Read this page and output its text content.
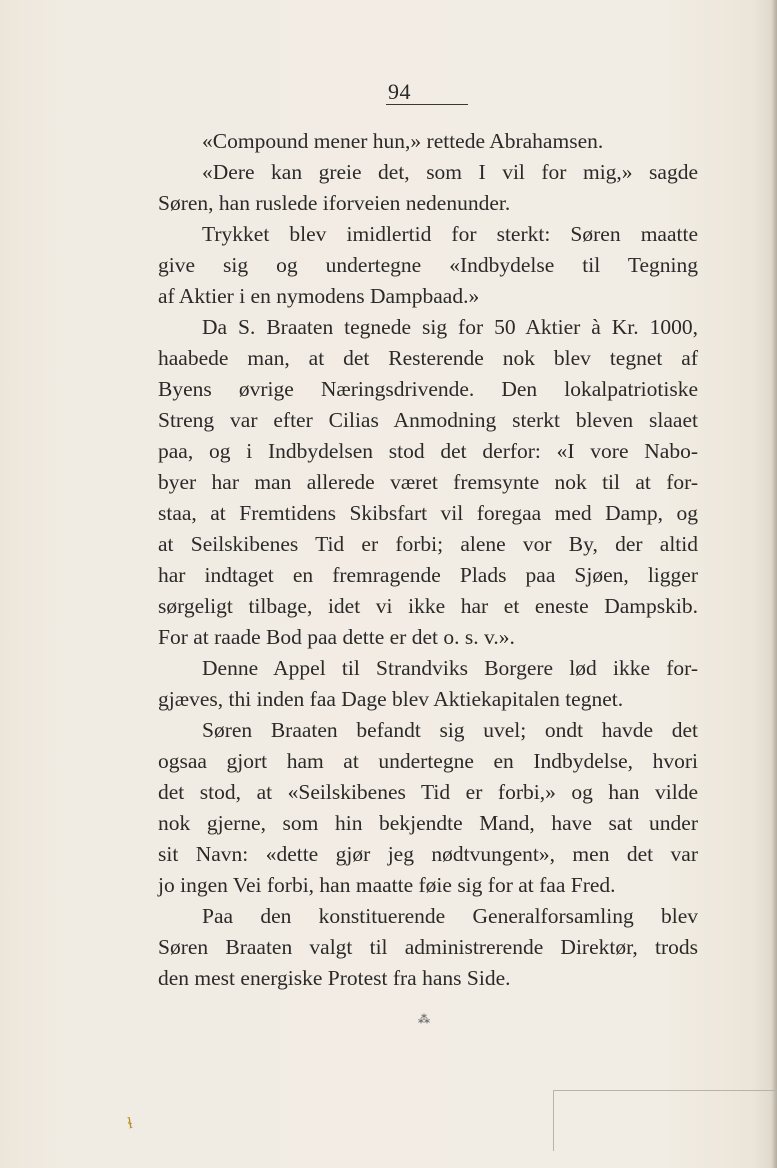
94
«Compound mener hun,» rettede Abrahamsen.
«Dere kan greie det, som I vil for mig,» sagde
Søren, han ruslede iforveien nedenunder.
Trykket blev imidlertid for sterkt: Søren maatte
give sig og undertegne «Indbydelse til Tegning
af Aktier i en nymodens Dampbaad.»
Da S. Braaten tegnede sig for 50 Aktier à Kr. 1000,
haabede man, at det Resterende nok blev tegnet af
Byens øvrige Næringsdrivende. Den lokalpatriotiske
Streng var efter Cilias Anmodning sterkt bleven slaaet
paa, og i Indbydelsen stod det derfor: «I vore Nabo-
byer har man allerede været fremsynte nok til at for-
staa, at Fremtidens Skibsfart vil foregaa med Damp, og
at Seilskibenes Tid er forbi; alene vor By, der altid
har indtaget en fremragende Plads paa Sjøen, ligger
sørgeligt tilbage, idet vi ikke har et eneste Dampskib.
For at raade Bod paa dette er det o. s. v.».
Denne Appel til Strandviks Borgere lød ikke for-
gjæves, thi inden faa Dage blev Aktiekapitalen tegnet.
Søren Braaten befandt sig uvel; ondt havde det
ogsaa gjort ham at undertegne en Indbydelse, hvori
det stod, at «Seilskibenes Tid er forbi,» og han vilde
nok gjerne, som hin bekjendte Mand, have sat under
sit Navn: «dette gjør jeg nødtvungent», men det var
jo ingen Vei forbi, han maatte føie sig for at faa Fred.
Paa den konstituerende Generalforsamling blev
Søren Braaten valgt til administrerende Direktør, trods
den mest energiske Protest fra hans Side.
⁂
ɬ
